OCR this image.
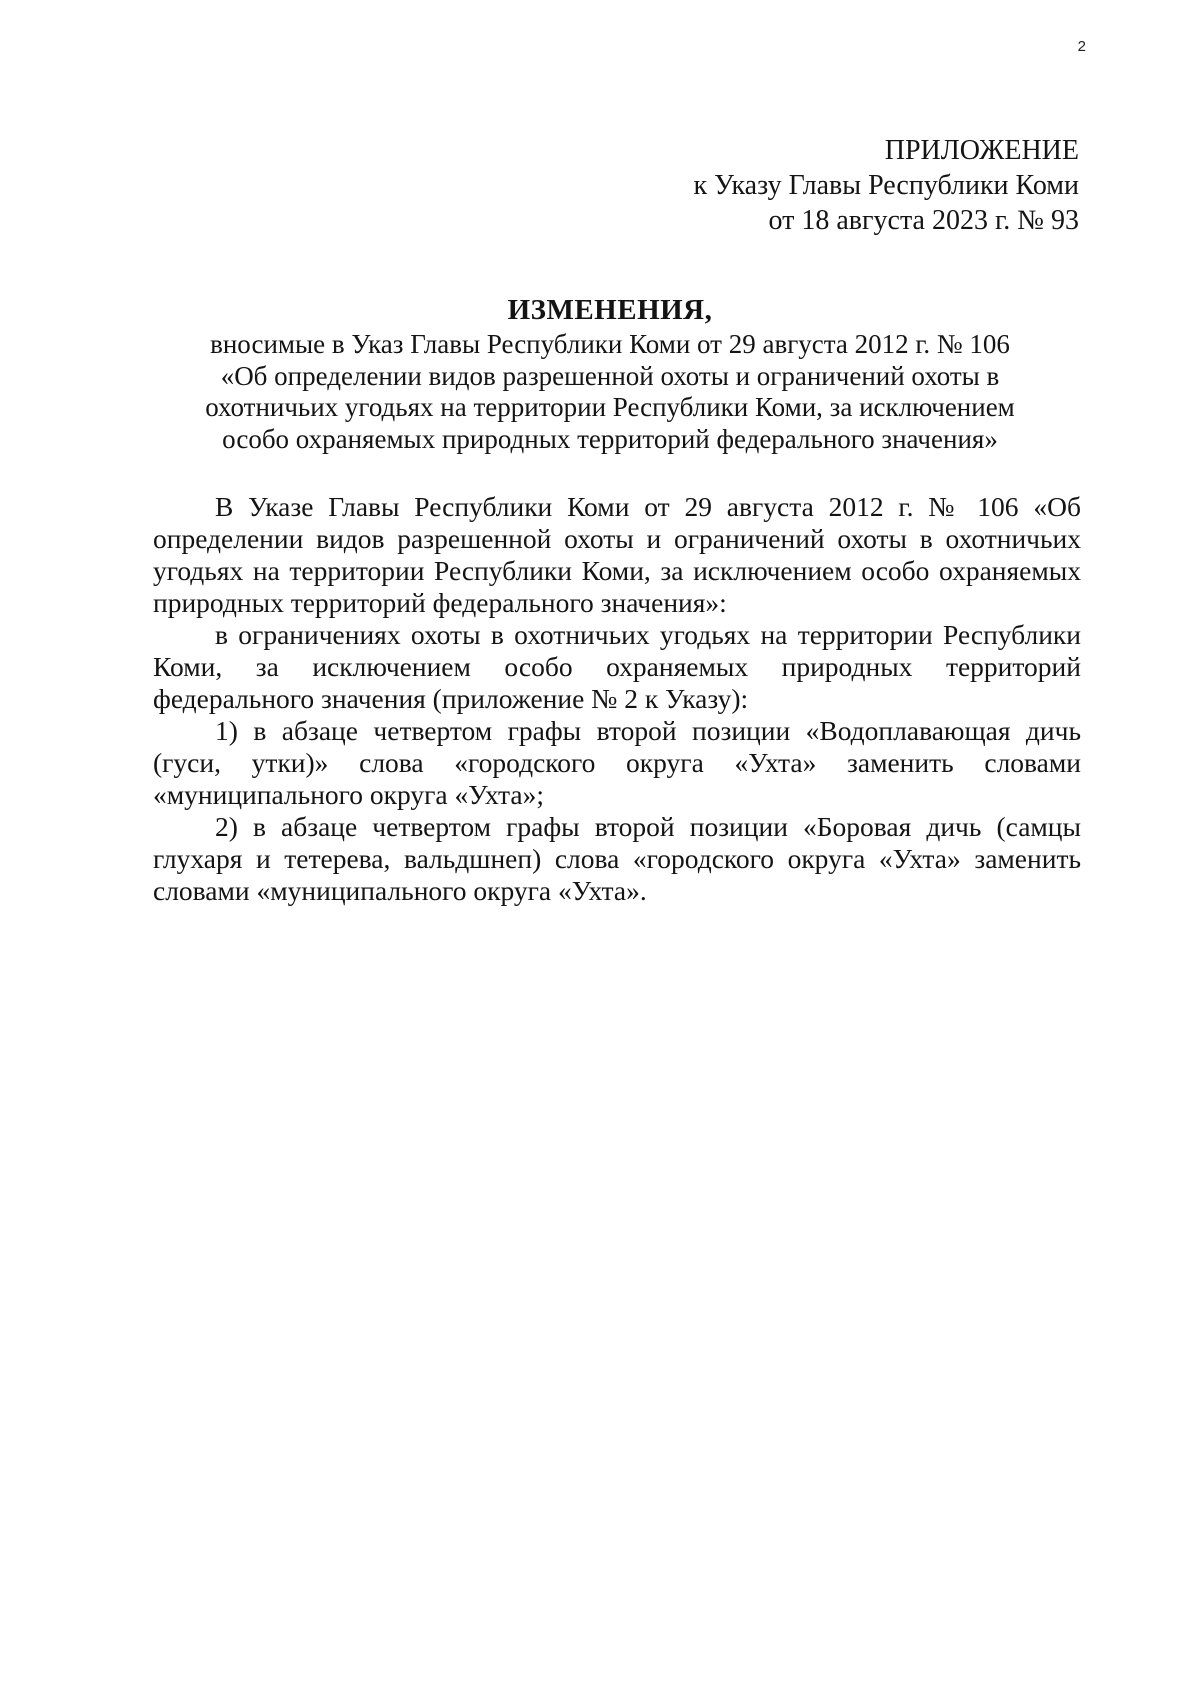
2
ПРИЛОЖЕНИЕ
к Указу Главы Республики Коми
от 18 августа 2023 г. № 93
ИЗМЕНЕНИЯ,
вносимые в Указ Главы Республики Коми от 29 августа 2012 г. № 106
«Об определении видов разрешенной охоты и ограничений охоты в
охотничьих угодьях на территории Республики Коми, за исключением
особо охраняемых природных территорий федерального значения»

В Указе Главы Республики Коми от 29 августа 2012 г. № 106 «Об определении видов разрешенной охоты и ограничений охоты в охотничьих угодьях на территории Республики Коми, за исключением особо охраняемых природных территорий федерального значения»:

в ограничениях охоты в охотничьих угодьях на территории Республики Коми, за исключением особо охраняемых природных территорий федерального значения (приложение № 2 к Указу):

1) в абзаце четвертом графы второй позиции «Водоплавающая дичь (гуси, утки)» слова «городского округа «Ухта» заменить словами «муниципального округа «Ухта»;

2) в абзаце четвертом графы второй позиции «Боровая дичь (самцы глухаря и тетерева, вальдшнеп) слова «городского округа «Ухта» заменить словами «муниципального округа «Ухта».
